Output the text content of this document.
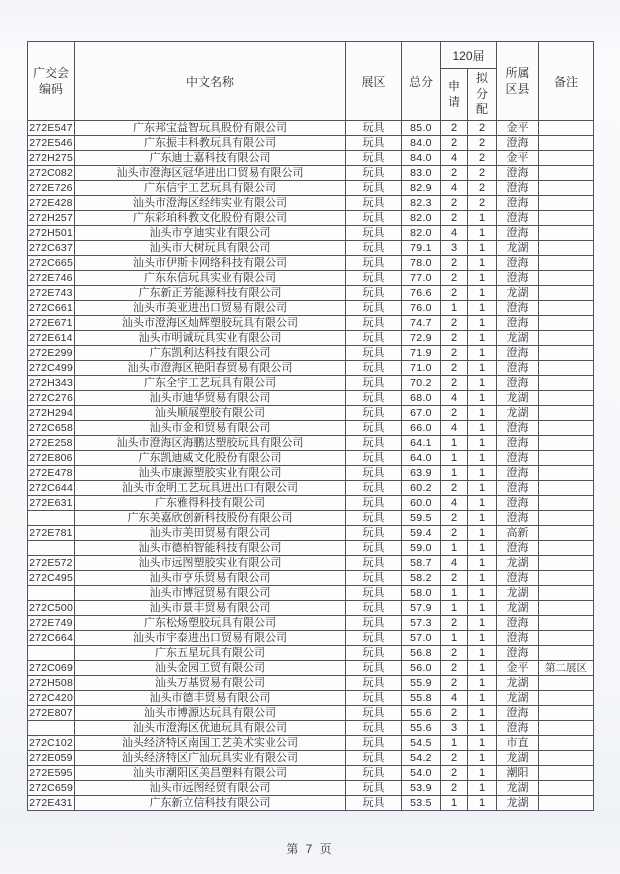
广交会编码	中文名称	展区	总分	120届		所属区县	备注
				申请	拟分配		
272E547	广东邦宝益智玩具股份有限公司	玩具	85.0	2	2	金平	
272E546	广东振丰科教玩具有限公司	玩具	84.0	2	2	澄海	
272H275	广东迪士嘉科技有限公司	玩具	84.0	4	2	金平	
272C082	汕头市澄海区冠华进出口贸易有限公司	玩具	83.0	2	2	澄海	
272E726	广东信宇工艺玩具有限公司	玩具	82.9	4	2	澄海	
272E428	汕头市澄海区经纬实业有限公司	玩具	82.3	2	2	澄海	
272H257	广东彩珀科教文化股份有限公司	玩具	82.0	2	1	澄海	
272H501	汕头市亨迪实业有限公司	玩具	82.0	4	1	澄海	
272C637	汕头市大树玩具有限公司	玩具	79.1	3	1	龙湖	
272C665	汕头市伊斯卡网络科技有限公司	玩具	78.0	2	1	澄海	
272E746	广东东信玩具实业有限公司	玩具	77.0	2	1	澄海	
272E743	广东新正芳能源科技有限公司	玩具	76.6	2	1	龙湖	
272C661	汕头市美亚进出口贸易有限公司	玩具	76.0	1	1	澄海	
272E671	汕头市澄海区灿辉塑胶玩具有限公司	玩具	74.7	2	1	澄海	
272E614	汕头市明诚玩具实业有限公司	玩具	72.9	2	1	龙湖	
272E299	广东凯利达科技有限公司	玩具	71.9	2	1	澄海	
272C499	汕头市澄海区艳阳春贸易有限公司	玩具	71.0	2	1	澄海	
272H343	广东全宇工艺玩具有限公司	玩具	70.2	2	1	澄海	
272C276	汕头市迪华贸易有限公司	玩具	68.0	4	1	龙湖	
272H294	汕头顺展塑胶有限公司	玩具	67.0	2	1	龙湖	
272C658	汕头市金和贸易有限公司	玩具	66.0	4	1	澄海	
272E258	汕头市澄海区海鹏达塑胶玩具有限公司	玩具	64.1	1	1	澄海	
272E806	广东凯迪威文化股份有限公司	玩具	64.0	1	1	澄海	
272E478	汕头市康源塑胶实业有限公司	玩具	63.9	1	1	澄海	
272C644	汕头市金明工艺玩具进出口有限公司	玩具	60.2	2	1	澄海	
272E631	广东雅得科技有限公司	玩具	60.0	4	1	澄海	
	广东美嘉欣创新科技股份有限公司	玩具	59.5	2	1	澄海	
272E781	汕头市美田贸易有限公司	玩具	59.4	2	1	高新	
	汕头市德柏智能科技有限公司	玩具	59.0	1	1	澄海	
272E572	汕头市远图塑胶实业有限公司	玩具	58.7	4	1	龙湖	
272C495	汕头市亨乐贸易有限公司	玩具	58.2	2	1	澄海	
	汕头市博冠贸易有限公司	玩具	58.0	1	1	龙湖	
272C500	汕头市景丰贸易有限公司	玩具	57.9	1	1	龙湖	
272E749	广东松炀塑胶玩具有限公司	玩具	57.3	2	1	澄海	
272C664	汕头市宇泰进出口贸易有限公司	玩具	57.0	1	1	澄海	
	广东五星玩具有限公司	玩具	56.8	2	1	澄海	
272C069	汕头金园工贸有限公司	玩具	56.0	2	1	金平	第二展区
272H508	汕头万基贸易有限公司	玩具	55.9	2	1	龙湖	
272C420	汕头市德丰贸易有限公司	玩具	55.8	4	1	龙湖	
272E807	汕头市博源达玩具有限公司	玩具	55.6	2	1	澄海	
	汕头市澄海区优迪玩具有限公司	玩具	55.6	3	1	澄海	
272C102	汕头经济特区南国工艺美术实业公司	玩具	54.5	1	1	市直	
272E059	汕头经济特区广汕玩具实业有限公司	玩具	54.2	2	1	龙湖	
272E595	汕头市潮阳区美昌塑料有限公司	玩具	54.0	2	1	潮阳	
272C659	汕头市远图经贸有限公司	玩具	53.9	2	1	龙湖	
272E431	广东新立信科技有限公司	玩具	53.5	1	1	龙湖	
第 7 页
